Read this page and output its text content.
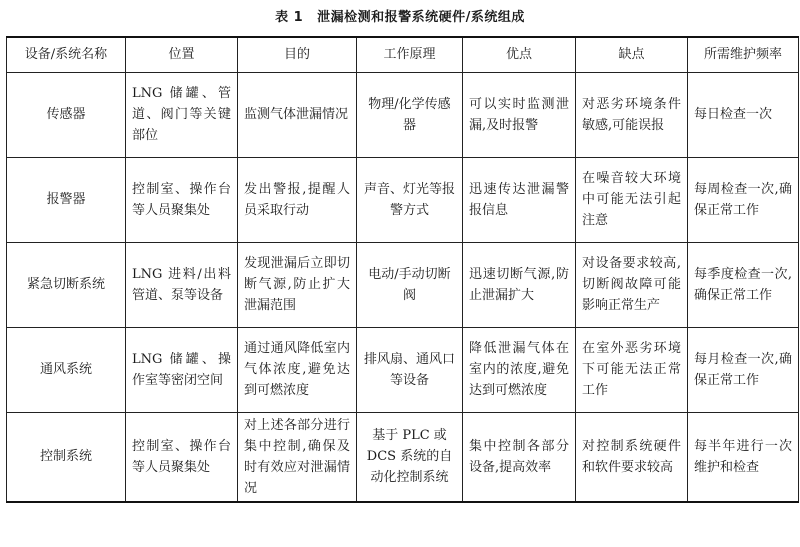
表 1 泄漏检测和报警系统硬件/系统组成
设备/系统名称	位置	目的	工作原理	优点	缺点	所需维护频率
传感器	LNG 储罐、管道、阀门等关键部位	监测气体泄漏情况	物理/化学传感器	可以实时监测泄漏,及时报警	对恶劣环境条件敏感,可能误报	每日检查一次
报警器	控制室、操作台等人员聚集处	发出警报,提醒人员采取行动	声音、灯光等报警方式	迅速传达泄漏警报信息	在噪音较大环境中可能无法引起注意	每周检查一次,确保正常工作
紧急切断系统	LNG 进料/出料管道、泵等设备	发现泄漏后立即切断气源,防止扩大泄漏范围	电动/手动切断阀	迅速切断气源,防止泄漏扩大	对设备要求较高,切断阀故障可能影响正常生产	每季度检查一次,确保正常工作
通风系统	LNG 储罐、操作室等密闭空间	通过通风降低室内气体浓度,避免达到可燃浓度	排风扇、通风口等设备	降低泄漏气体在室内的浓度,避免达到可燃浓度	在室外恶劣环境下可能无法正常工作	每月检查一次,确保正常工作
控制系统	控制室、操作台等人员聚集处	对上述各部分进行集中控制,确保及时有效应对泄漏情况	基于 PLC 或 DCS 系统的自动化控制系统	集中控制各部分设备,提高效率	对控制系统硬件和软件要求较高	每半年进行一次维护和检查
